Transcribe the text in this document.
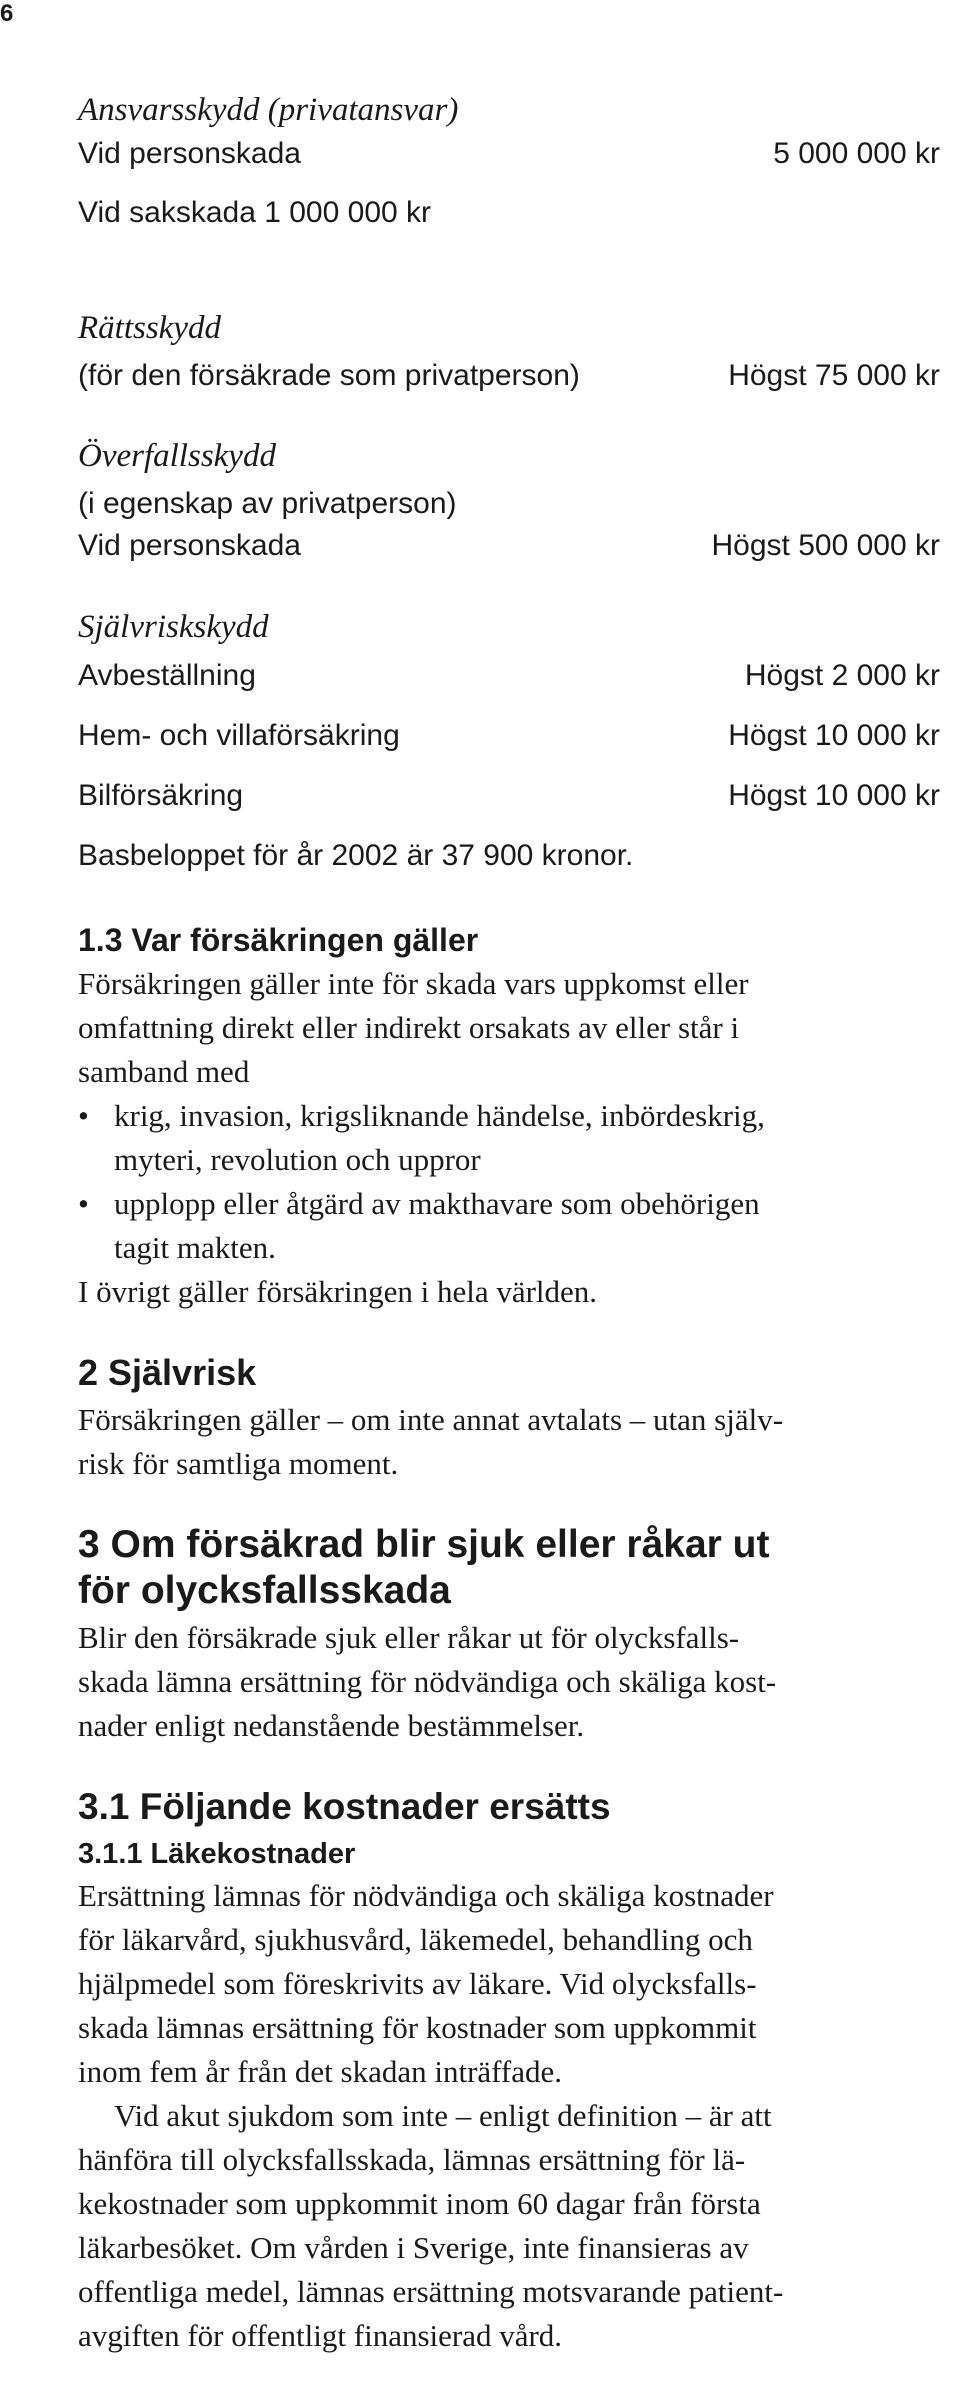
6
Ansvarsskydd (privatansvar)
Vid personskada	5 000 000 kr
Vid sakskada 1 000 000 kr
Rättsskydd
(för den försäkrade som privatperson)	Högst 75 000 kr
Överfallsskydd
(i egenskap av privatperson)
Vid personskada	Högst 500 000 kr
Självriskskydd
Avbeställning	Högst 2 000 kr
Hem- och villaförsäkring	Högst 10 000 kr
Bilförsäkring	Högst 10 000 kr
Basbeloppet för år 2002 är 37 900 kronor.
1.3 Var försäkringen gäller
Försäkringen gäller inte för skada vars uppkomst eller
omfattning direkt eller indirekt orsakats av eller står i
samband med
• krig, invasion, krigsliknande händelse, inbördeskrig,
myteri, revolution och uppror
• upplopp eller åtgärd av makthavare som obehörigen
tagit makten.
I övrigt gäller försäkringen i hela världen.
2 Självrisk
Försäkringen gäller – om inte annat avtalats – utan själv-
risk för samtliga moment.
3 Om försäkrad blir sjuk eller råkar ut
för olycksfallsskada
Blir den försäkrade sjuk eller råkar ut för olycksfalls-
skada lämna ersättning för nödvändiga och skäliga kost-
nader enligt nedanstående bestämmelser.
3.1 Följande kostnader ersätts
3.1.1 Läkekostnader
Ersättning lämnas för nödvändiga och skäliga kostnader
för läkarvård, sjukhusvård, läkemedel, behandling och
hjälpmedel som föreskrivits av läkare. Vid olycksfalls-
skada lämnas ersättning för kostnader som uppkommit
inom fem år från det skadan inträffade.
Vid akut sjukdom som inte – enligt definition – är att
hänföra till olycksfallsskada, lämnas ersättning för lä-
kekostnader som uppkommit inom 60 dagar från första
läkarbesöket. Om vården i Sverige, inte finansieras av
offentliga medel, lämnas ersättning motsvarande patient-
avgiften för offentligt finansierad vård.
